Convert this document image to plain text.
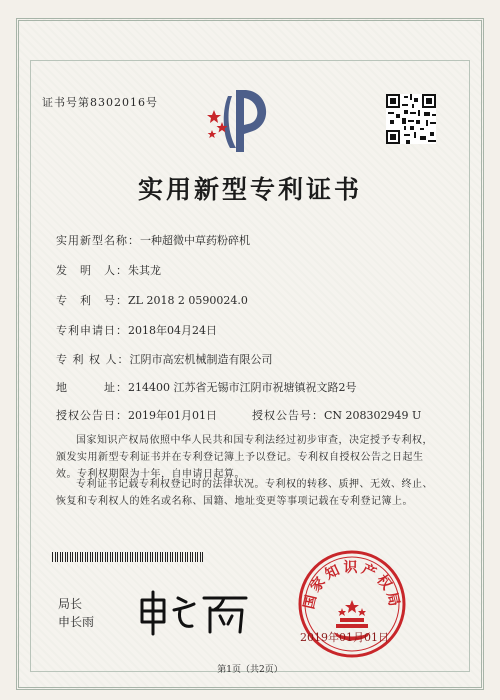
证书号第8302016号
实用新型专利证书
实用新型名称：一种超微中草药粉碎机
发　明　人：朱其龙
专　利　号：ZL 2018 2 0590024.0
专利申请日：2018年04月24日
专 利 权 人：江阴市高宏机械制造有限公司
地　　　址：214400 江苏省无锡市江阴市祝塘镇祝文路2号
授权公告日：2019年01月01日	授权公告号：CN 208302949 U
国家知识产权局依照中华人民共和国专利法经过初步审查，决定授予专利权，颁发实用新型专利证书并在专利登记簿上予以登记。专利权自授权公告之日起生效。专利权期限为十年，自申请日起算。
专利证书记载专利权登记时的法律状况。专利权的转移、质押、无效、终止、恢复和专利权人的姓名或名称、国籍、地址变更等事项记载在专利登记簿上。
局长
申长雨
国家知识产权局
2019年01月01日
第1页（共2页）
